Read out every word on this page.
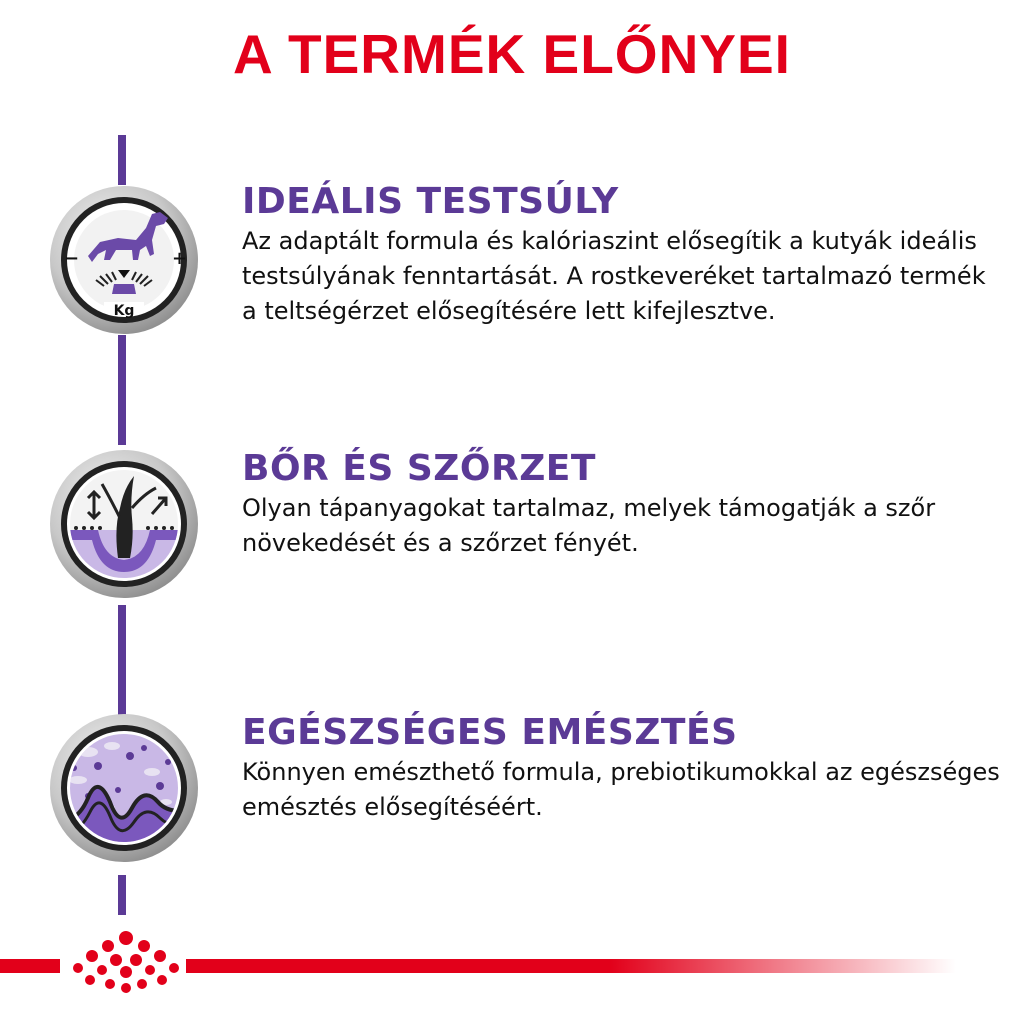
A TERMÉK ELŐNYEI
−	+
Kg
IDEÁLIS TESTSÚLY

Az adaptált formula és kalóriaszint elősegítik a kutyák ideális testsúlyának fenntartását. A rostkeveréket tartalmazó termék a teltségérzet elősegítésére lett kifejlesztve.

BŐR ÉS SZŐRZET

Olyan tápanyagokat tartalmaz, melyek támogatják a szőr növekedését és a szőrzet fényét.

EGÉSZSÉGES EMÉSZTÉS

Könnyen emészthető formula, prebiotikumokkal az egészséges emésztés elősegítéséért.
